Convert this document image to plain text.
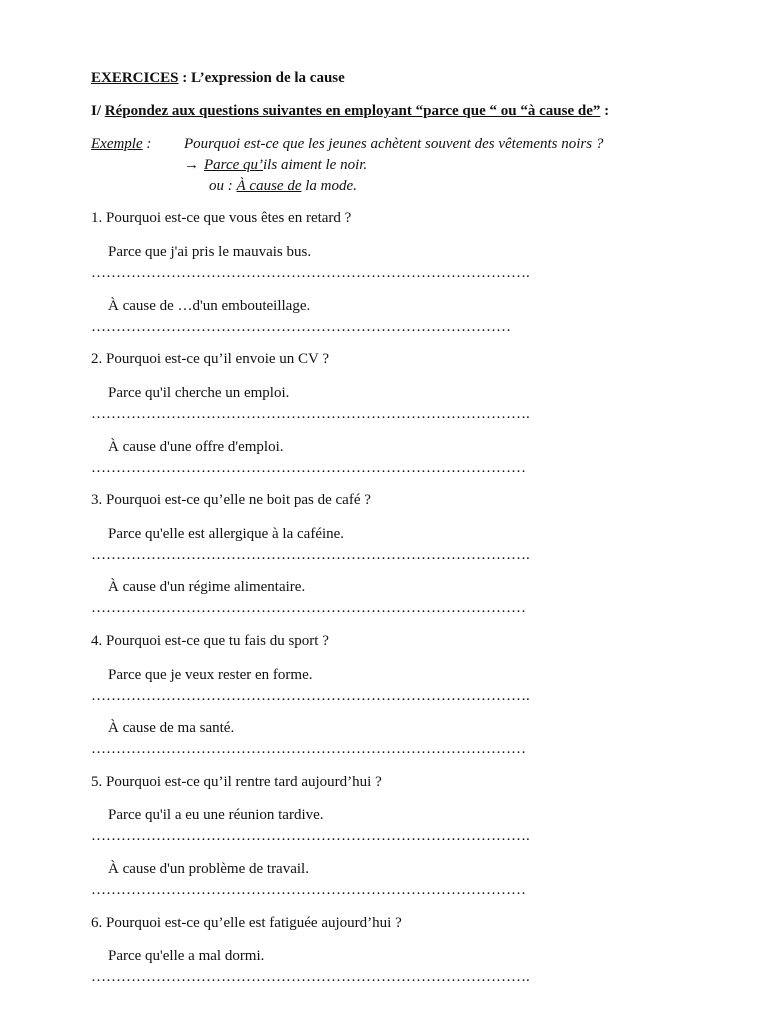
EXERCICES : L’expression de la cause
I/ Répondez aux questions suivantes en employant “parce que “ ou “à cause de” :
Exemple : Pourquoi est-ce que les jeunes achètent souvent des vêtements noirs ?
→ Parce qu’ils aiment le noir.
ou : À cause de la mode.
1. Pourquoi est-ce que vous êtes en retard ?
Parce que j'ai pris le mauvais bus.
…………………………………………………………………………….
À cause de …d'un embouteillage.
…………………………………………………………………………
2. Pourquoi est-ce qu’il envoie un CV ?
Parce qu'il cherche un emploi.
…………………………………………………………………………….
À cause d'une offre d'emploi.
……………………………………………………………………………
3. Pourquoi est-ce qu’elle ne boit pas de café ?
Parce qu'elle est allergique à la caféine.
…………………………………………………………………………….
À cause d'un régime alimentaire.
……………………………………………………………………………
4. Pourquoi est-ce que tu fais du sport ?
Parce que je veux rester en forme.
…………………………………………………………………………….
À cause de ma santé.
……………………………………………………………………………
5. Pourquoi est-ce qu’il rentre tard aujourd’hui ?
Parce qu'il a eu une réunion tardive.
…………………………………………………………………………….
À cause d'un problème de travail.
……………………………………………………………………………
6. Pourquoi est-ce qu’elle est fatiguée aujourd’hui ?
Parce qu'elle a mal dormi.
…………………………………………………………………………….
